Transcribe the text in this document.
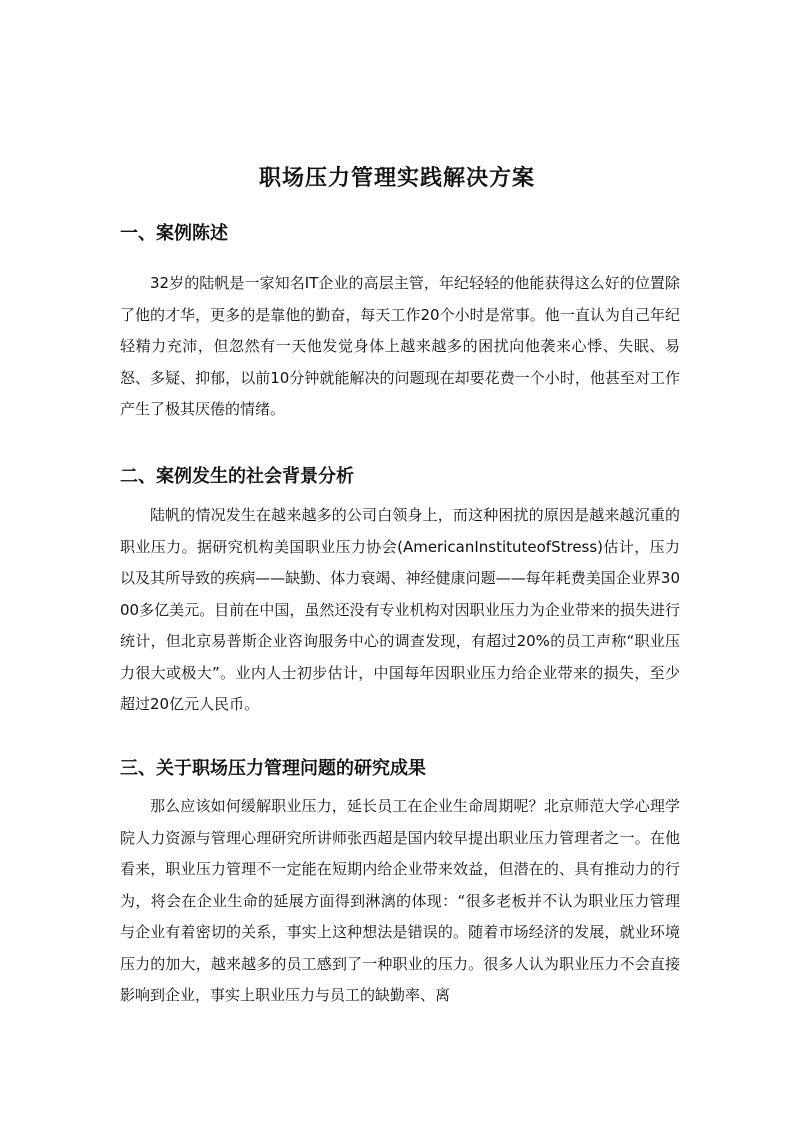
职场压力管理实践解决方案
一、案例陈述

32岁的陆帆是一家知名IT企业的高层主管，年纪轻轻的他能获得这么好的位置除了他的才华，更多的是靠他的勤奋，每天工作20个小时是常事。他一直认为自己年纪轻精力充沛，但忽然有一天他发觉身体上越来越多的困扰向他袭来心悸、失眠、易怒、多疑、抑郁，以前10分钟就能解决的问题现在却要花费一个小时，他甚至对工作产生了极其厌倦的情绪。

二、案例发生的社会背景分析

陆帆的情况发生在越来越多的公司白领身上，而这种困扰的原因是越来越沉重的职业压力。据研究机构美国职业压力协会(AmericanInstituteofStress)估计，压力以及其所导致的疾病——缺勤、体力衰竭、神经健康问题——每年耗费美国企业界3000多亿美元。目前在中国，虽然还没有专业机构对因职业压力为企业带来的损失进行统计，但北京易普斯企业咨询服务中心的调查发现，有超过20%的员工声称“职业压力很大或极大”。业内人士初步估计，中国每年因职业压力给企业带来的损失，至少超过20亿元人民币。

三、关于职场压力管理问题的研究成果

那么应该如何缓解职业压力，延长员工在企业生命周期呢？北京师范大学心理学院人力资源与管理心理研究所讲师张西超是国内较早提出职业压力管理者之一。在他看来，职业压力管理不一定能在短期内给企业带来效益，但潜在的、具有推动力的行为，将会在企业生命的延展方面得到淋漓的体现：“很多老板并不认为职业压力管理与企业有着密切的关系，事实上这种想法是错误的。随着市场经济的发展，就业环境压力的加大，越来越多的员工感到了一种职业的压力。很多人认为职业压力不会直接影响到企业，事实上职业压力与员工的缺勤率、离
